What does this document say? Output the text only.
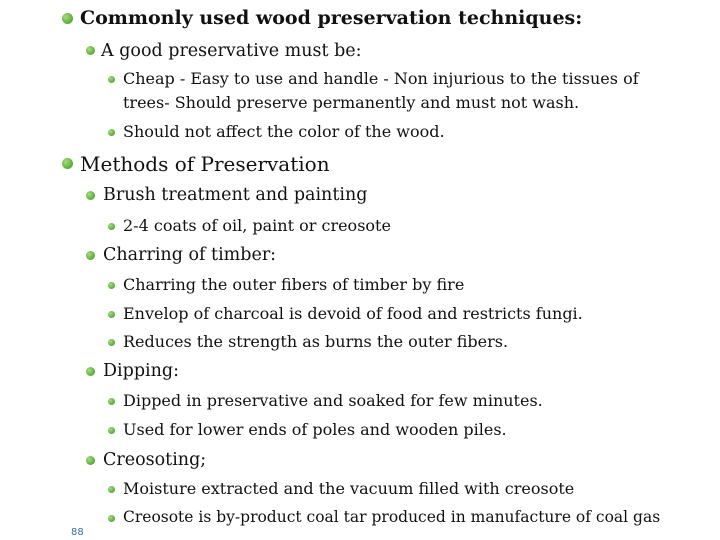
Commonly used wood preservation techniques:
A good preservative must be:
Cheap - Easy to use and handle - Non injurious to the tissues of
trees- Should preserve permanently and must not wash.
Should not affect the color of the wood.
Methods of Preservation
Brush treatment and painting
2-4 coats of oil, paint or creosote
Charring of timber:
Charring the outer fibers of timber by fire
Envelop of charcoal is devoid of food and restricts fungi.
Reduces the strength as burns the outer fibers.
Dipping:
Dipped in preservative and soaked for few minutes.
Used for lower ends of poles and wooden piles.
Creosoting;
Moisture extracted and the vacuum filled with creosote
Creosote is by-product coal tar produced in manufacture of coal gas
88
